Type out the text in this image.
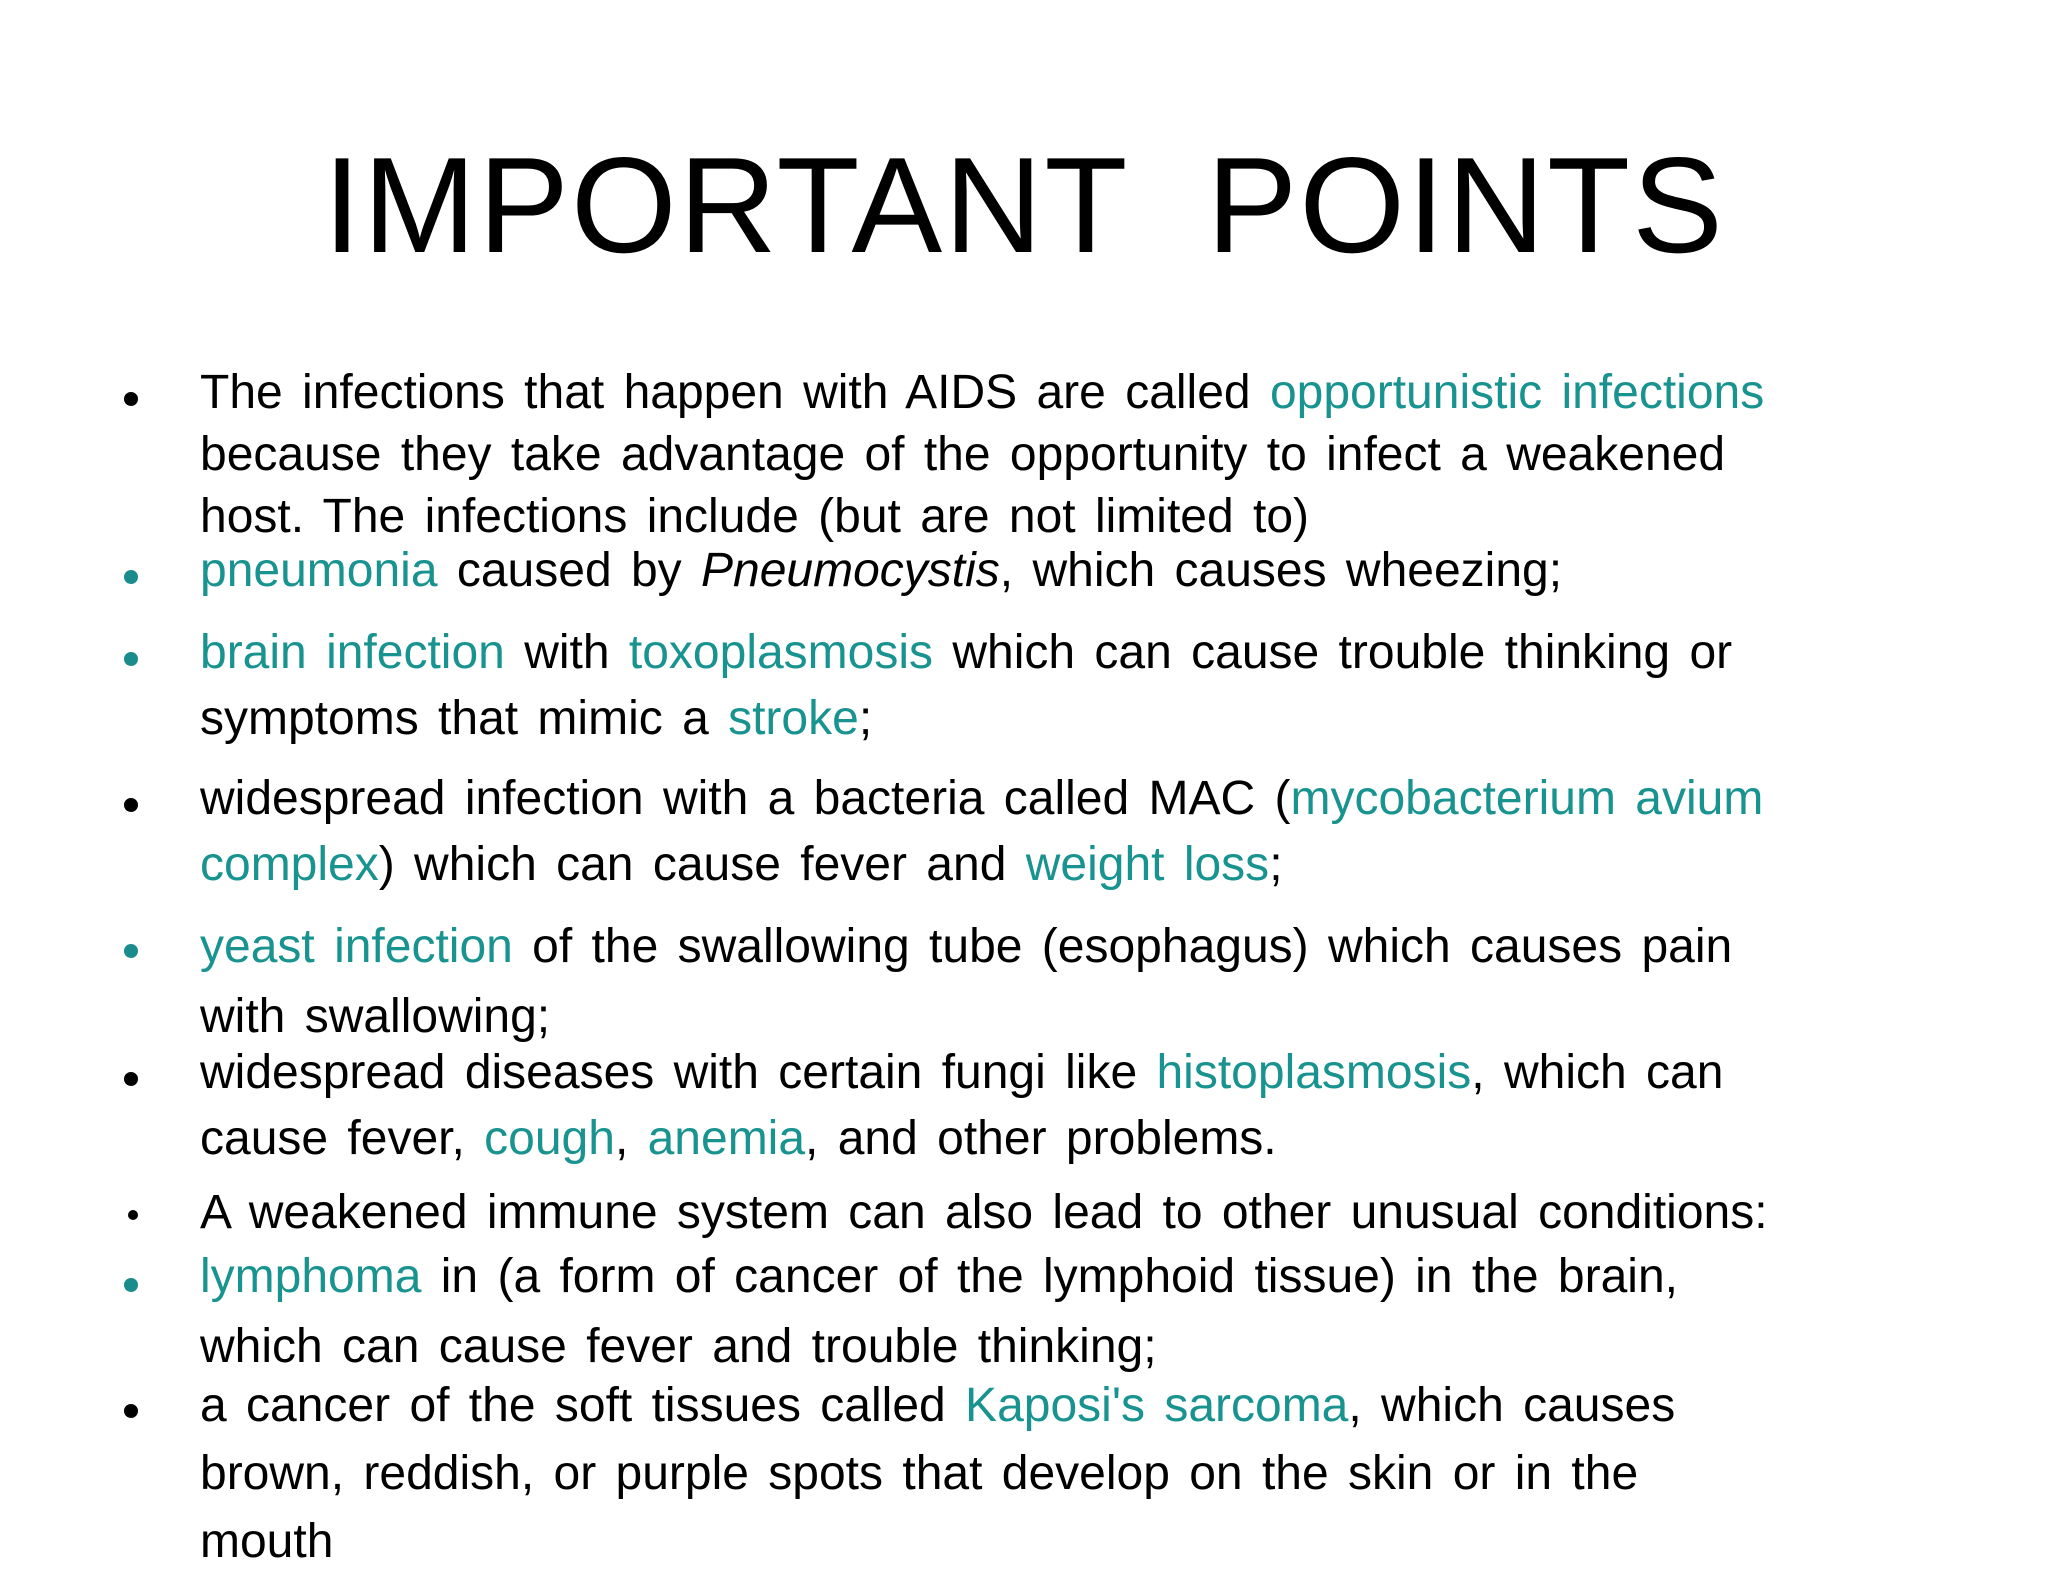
IMPORTANT  POINTS
The infections that happen with AIDS are called opportunistic infections
because they take advantage of the opportunity to infect a weakened
host. The infections include (but are not limited to)
pneumonia caused by Pneumocystis, which causes wheezing;
brain infection with toxoplasmosis which can cause trouble thinking or
symptoms that mimic a stroke;
widespread infection with a bacteria called MAC (mycobacterium avium
complex) which can cause fever and weight loss;
yeast infection of the swallowing tube (esophagus) which causes pain
with swallowing;
widespread diseases with certain fungi like histoplasmosis, which can
cause fever, cough, anemia, and other problems.
A weakened immune system can also lead to other unusual conditions:
lymphoma in (a form of cancer of the lymphoid tissue) in the brain,
which can cause fever and trouble thinking;
a cancer of the soft tissues called Kaposi's sarcoma, which causes
brown, reddish, or purple spots that develop on the skin or in the
mouth
